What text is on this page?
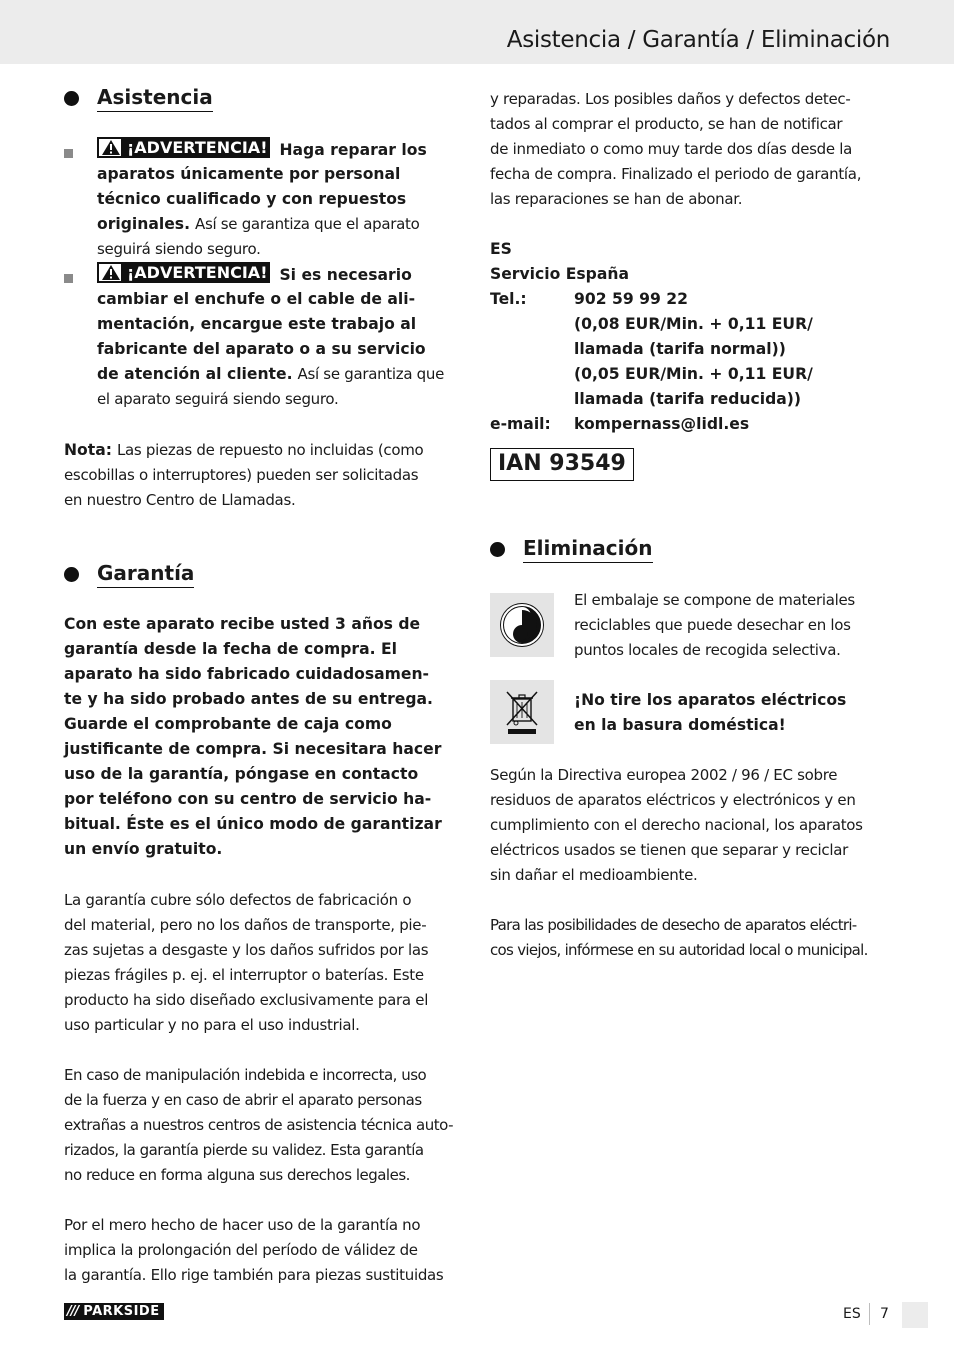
Asistencia / Garantía / Eliminación
Asistencia
¡ADVERTENCIA! Haga reparar los
aparatos únicamente por personal
técnico cualificado y con repuestos
originales. Así se garantiza que el aparato
seguirá siendo seguro.
¡ADVERTENCIA! Si es necesario
cambiar el enchufe o el cable de ali-
mentación, encargue este trabajo al
fabricante del aparato o a su servicio
de atención al cliente. Así se garantiza que
el aparato seguirá siendo seguro.
Nota: Las piezas de repuesto no incluidas (como
escobillas o interruptores) pueden ser solicitadas
en nuestro Centro de Llamadas.
Garantía
Con este aparato recibe usted 3 años de
garantía desde la fecha de compra. El
aparato ha sido fabricado cuidadosamen-
te y ha sido probado antes de su entrega.
Guarde el comprobante de caja como
justificante de compra. Si necesitara hacer
uso de la garantía, póngase en contacto
por teléfono con su centro de servicio ha-
bitual. Éste es el único modo de garantizar
un envío gratuito.
La garantía cubre sólo defectos de fabricación o
del material, pero no los daños de transporte, pie-
zas sujetas a desgaste y los daños sufridos por las
piezas frágiles p. ej. el interruptor o baterías. Este
producto ha sido diseñado exclusivamente para el
uso particular y no para el uso industrial.
En caso de manipulación indebida e incorrecta, uso
de la fuerza y en caso de abrir el aparato personas
extrañas a nuestros centros de asistencia técnica auto-
rizados, la garantía pierde su validez. Esta garantía
no reduce en forma alguna sus derechos legales.
Por el mero hecho de hacer uso de la garantía no
implica la prolongación del período de válidez de
la garantía. Ello rige también para piezas sustituidas
y reparadas. Los posibles daños y defectos detec-
tados al comprar el producto, se han de notificar
de inmediato o como muy tarde dos días desde la
fecha de compra. Finalizado el periodo de garantía,
las reparaciones se han de abonar.
ES
Servicio España
Tel.:	902 59 99 22
(0,08 EUR/Min. + 0,11 EUR/
llamada (tarifa normal))
(0,05 EUR/Min. + 0,11 EUR/
llamada (tarifa reducida))
e-mail:	kompernass@lidl.es
IAN 93549
Eliminación
El embalaje se compone de materiales
reciclables que puede desechar en los
puntos locales de recogida selectiva.
¡No tire los aparatos eléctricos
en la basura doméstica!
Según la Directiva europea 2002 / 96 / EC sobre
residuos de aparatos eléctricos y electrónicos y en
cumplimiento con el derecho nacional, los aparatos
eléctricos usados se tienen que separar y reciclar
sin dañar el medioambiente.
Para las posibilidades de desecho de aparatos eléctri-
cos viejos, infórmese en su autoridad local o municipal.
/// PARKSIDE	ES 7
